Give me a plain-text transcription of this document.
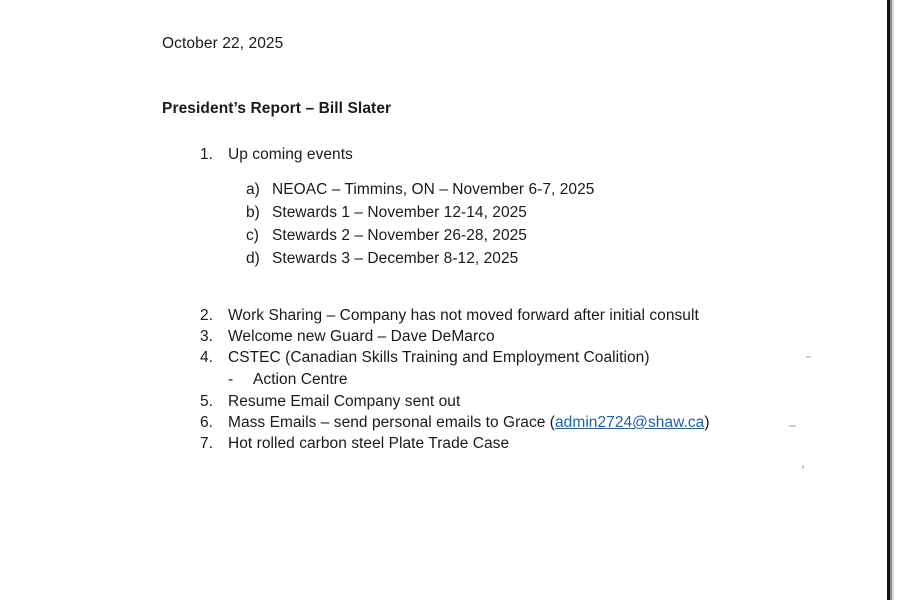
October 22, 2025
President’s Report – Bill Slater
1. Up coming events
a) NEOAC – Timmins, ON – November 6-7, 2025
b) Stewards 1 – November 12-14, 2025
c) Stewards 2 – November 26-28, 2025
d) Stewards 3 – December 8-12, 2025
2. Work Sharing – Company has not moved forward after initial consult
3. Welcome new Guard – Dave DeMarco
4. CSTEC (Canadian Skills Training and Employment Coalition)
- Action Centre
5. Resume Email Company sent out
6. Mass Emails – send personal emails to Grace (admin2724@shaw.ca)
7. Hot rolled carbon steel Plate Trade Case
